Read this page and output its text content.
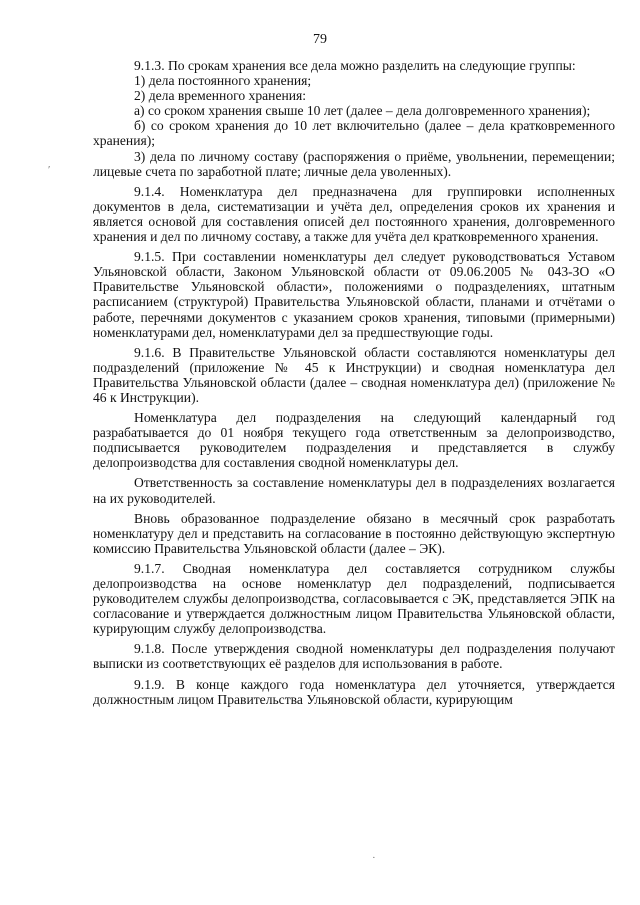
79
′
·

9.1.3. По срокам хранения все дела можно разделить на следующие группы:

1) дела постоянного хранения;

2) дела временного хранения:

а) со сроком хранения свыше 10 лет (далее – дела долговременного хранения);

б) со сроком хранения до 10 лет включительно (далее – дела кратковременного хранения);

3) дела по личному составу (распоряжения о приёме, увольнении, перемещении; лицевые счета по заработной плате; личные дела уволенных).

9.1.4. Номенклатура дел предназначена для группировки исполненных документов в дела, систематизации и учёта дел, определения сроков их хранения и является основой для составления описей дел постоянного хранения, долговременного хранения и дел по личному составу, а также для учёта дел кратковременного хранения.

9.1.5. При составлении номенклатуры дел следует руководствоваться Уставом Ульяновской области, Законом Ульяновской области от 09.06.2005 № 043-ЗО «О Правительстве Ульяновской области», положениями о подразделениях, штатным расписанием (структурой) Правительства Ульяновской области, планами и отчётами о работе, перечнями документов с указанием сроков хранения, типовыми (примерными) номенклатурами дел, номенклатурами дел за предшествующие годы.

9.1.6. В Правительстве Ульяновской области составляются номенклатуры дел подразделений (приложение № 45 к Инструкции) и сводная номенклатура дел Правительства Ульяновской области (далее – сводная номенклатура дел) (приложение № 46 к Инструкции).

Номенклатура дел подразделения на следующий календарный год разрабатывается до 01 ноября текущего года ответственным за делопроизводство, подписывается руководителем подразделения и представляется в службу делопроизводства для составления сводной номенклатуры дел.

Ответственность за составление номенклатуры дел в подразделениях возлагается на их руководителей.

Вновь образованное подразделение обязано в месячный срок разработать номенклатуру дел и представить на согласование в постоянно действующую экспертную комиссию Правительства Ульяновской области (далее – ЭК).

9.1.7. Сводная номенклатура дел составляется сотрудником службы делопроизводства на основе номенклатур дел подразделений, подписывается руководителем службы делопроизводства, согласовывается с ЭК, представляется ЭПК на согласование и утверждается должностным лицом Правительства Ульяновской области, курирующим службу делопроизводства.

9.1.8. После утверждения сводной номенклатуры дел подразделения получают выписки из соответствующих её разделов для использования в работе.

9.1.9. В конце каждого года номенклатура дел уточняется, утверждается должностным лицом Правительства Ульяновской области, курирующим
